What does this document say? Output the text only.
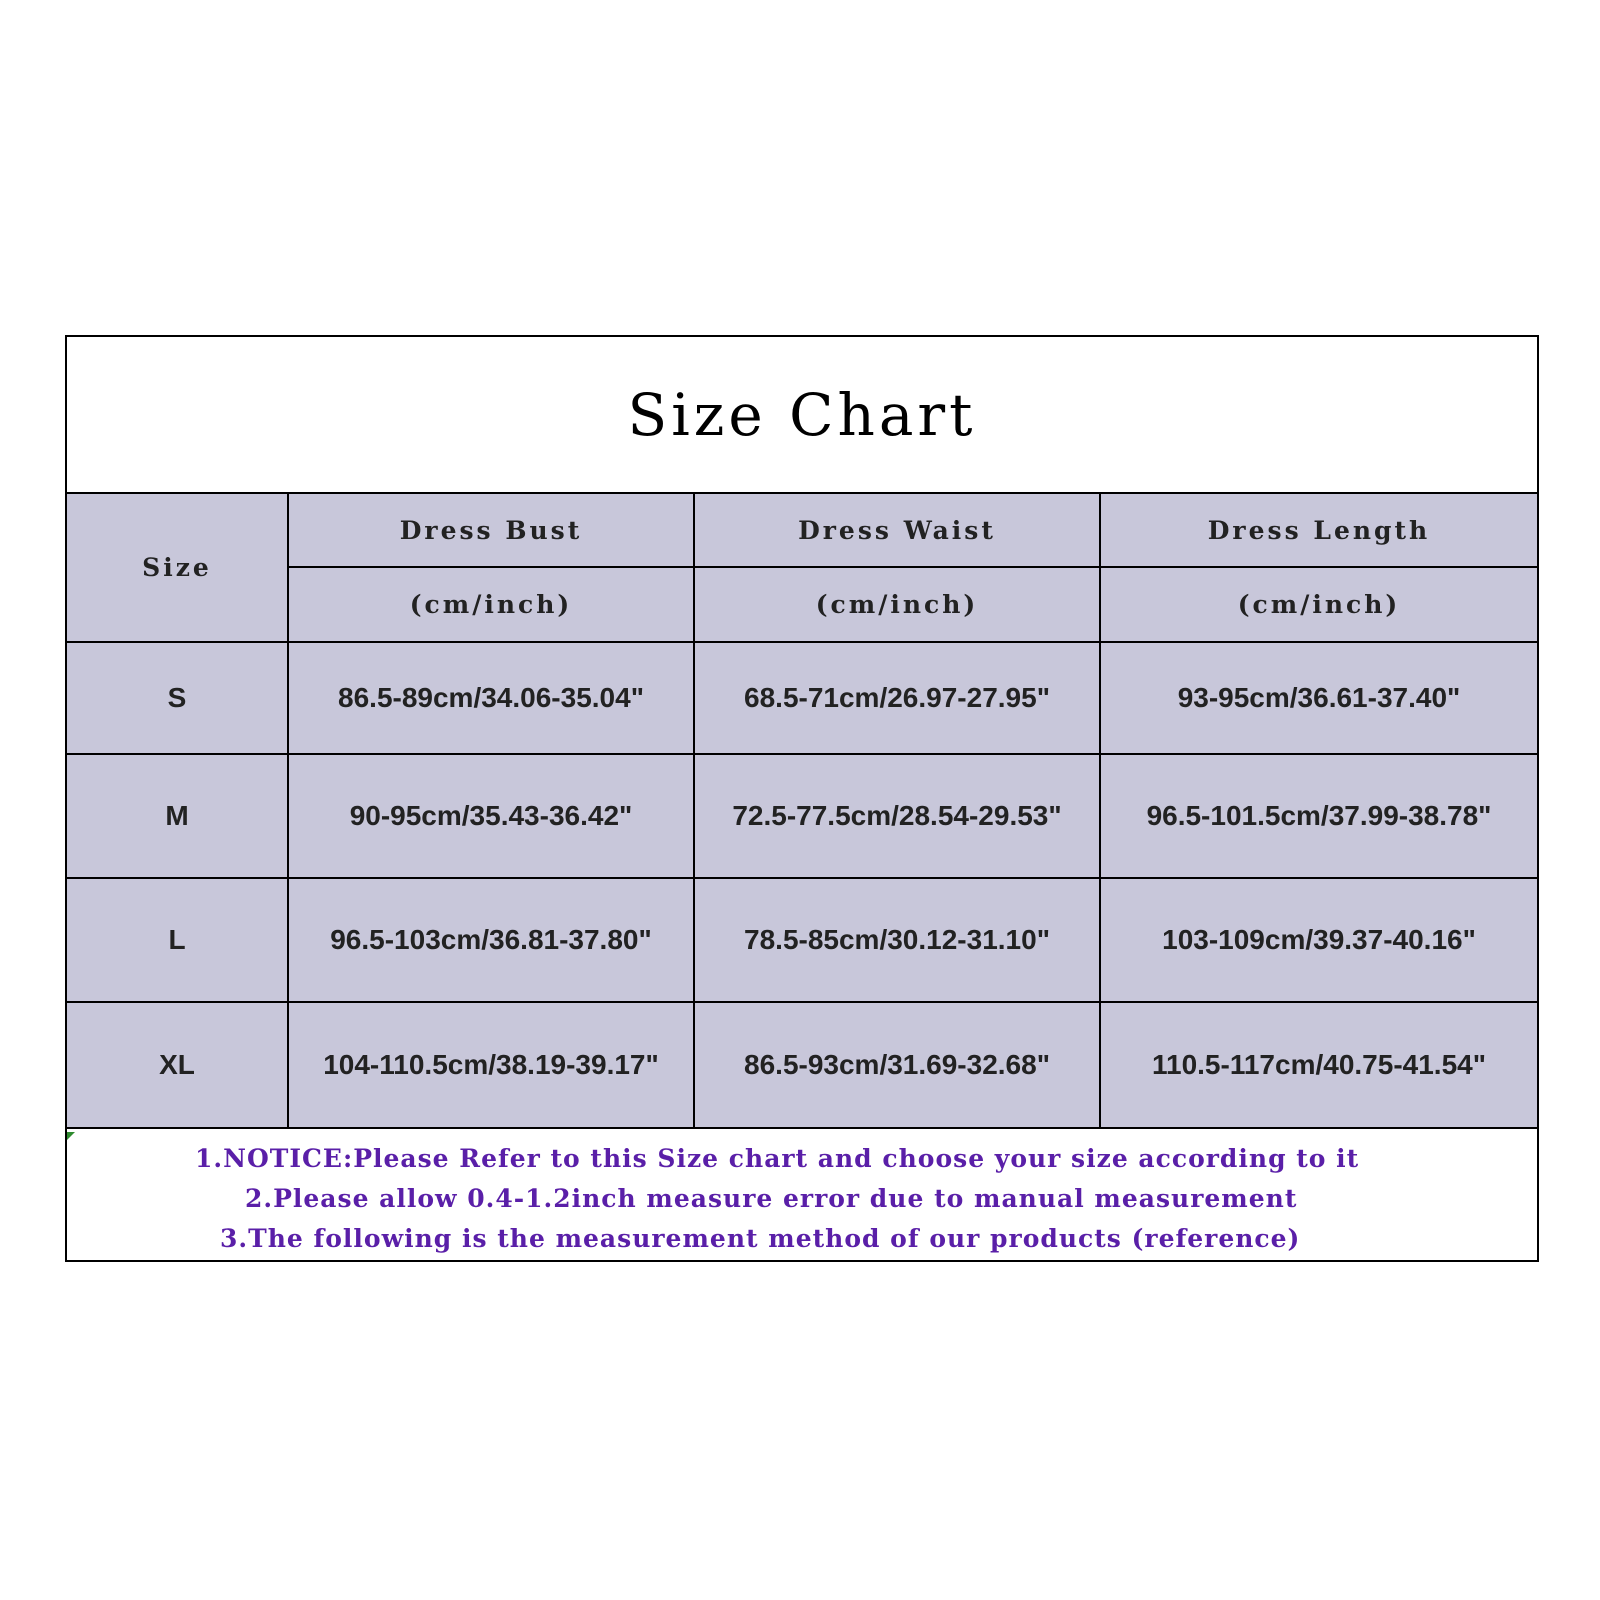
Size Chart
Size	Dress Bust	Dress Waist	Dress Length
	(cm/inch)	(cm/inch)	(cm/inch)
S	86.5-89cm/34.06-35.04"	68.5-71cm/26.97-27.95"	93-95cm/36.61-37.40"
M	90-95cm/35.43-36.42"	72.5-77.5cm/28.54-29.53"	96.5-101.5cm/37.99-38.78"
L	96.5-103cm/36.81-37.80"	78.5-85cm/30.12-31.10"	103-109cm/39.37-40.16"
XL	104-110.5cm/38.19-39.17"	86.5-93cm/31.69-32.68"	110.5-117cm/40.75-41.54"
1.NOTICE:Please Refer to this Size chart and choose your size according to it
2.Please allow 0.4-1.2inch measure error due to manual measurement
3.The following is the measurement method of our products (reference)
